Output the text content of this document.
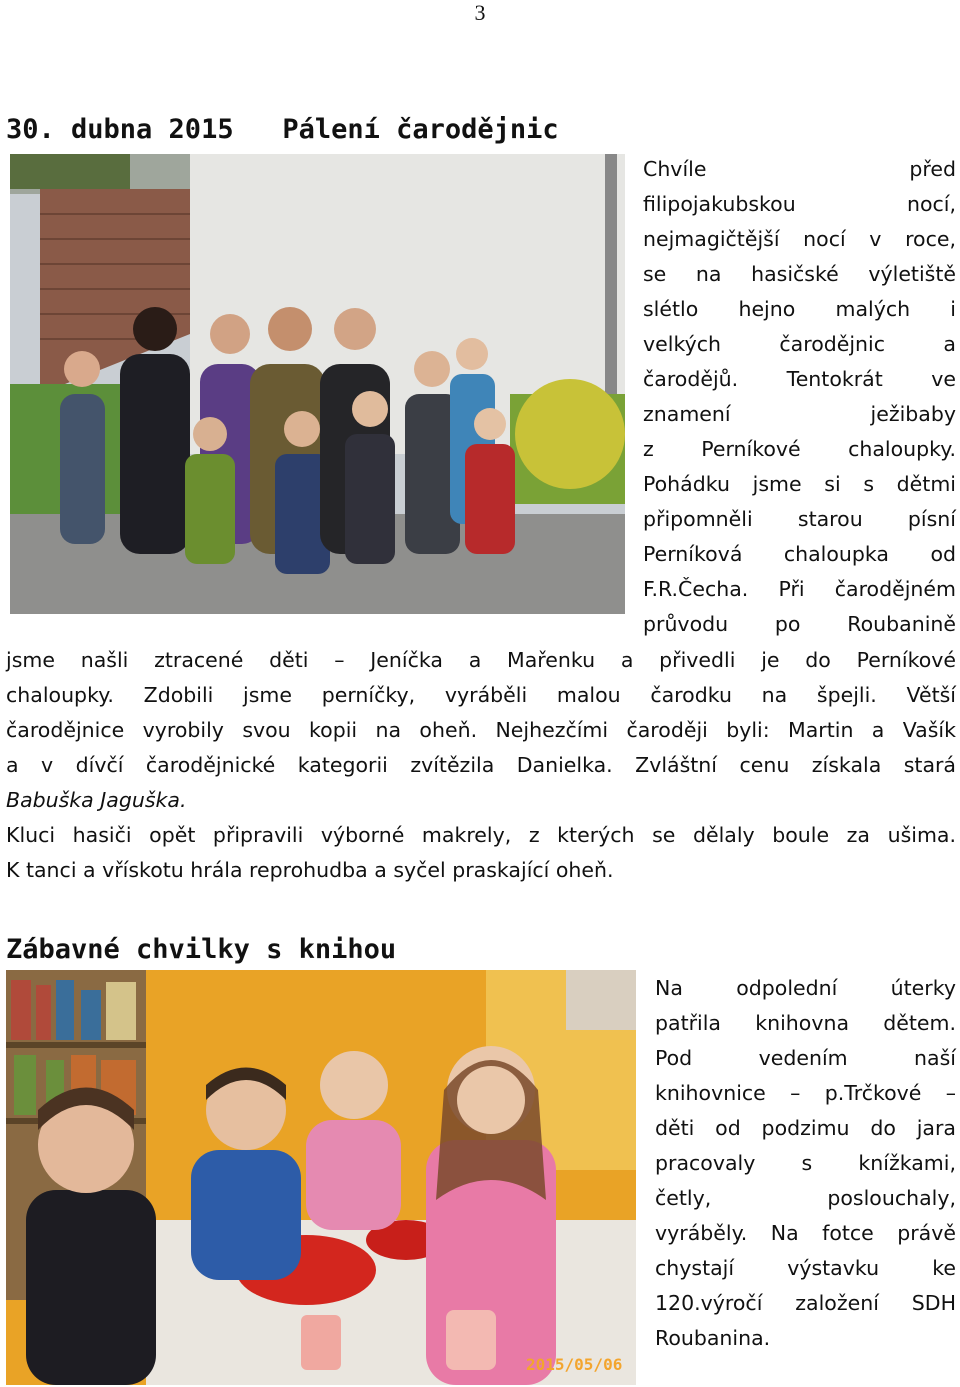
3
30. dubna 2015   Pálení čarodějnic
Chvíle před
filipojakubskou nocí,
nejmagičtější nocí v roce,
se na hasičské výletiště
slétlo hejno malých i
velkých čarodějnic a
čarodějů. Tentokrát ve
znamení ježibaby
z Perníkové chaloupky.
Pohádku jsme si s dětmi
připomněli starou písní
Perníková chaloupka od
F.R.Čecha. Při čarodějném
průvodu po Roubanině
jsme našli ztracené děti – Jeníčka a Mařenku a přivedli je do Perníkové
chaloupky. Zdobili jsme perníčky, vyráběli malou čarodku na špejli. Větší
čarodějnice vyrobily svou kopii na oheň. Nejhezčími čaroději byli: Martin a Vašík
a v dívčí čarodějnické kategorii zvítězila Danielka. Zvláštní cenu získala stará
Babuška Jaguška.
Kluci hasiči opět připravili výborné makrely, z kterých se dělaly boule za ušima.
K tanci a vřískotu hrála reprohudba a syčel praskající oheň.
Zábavné chvilky s knihou
2015/05/06
Na odpolední úterky
patřila knihovna dětem.
Pod vedením naší
knihovnice – p.Trčkové –
děti od podzimu do jara
pracovaly s knížkami,
četly, poslouchaly,
vyráběly. Na fotce právě
chystají výstavku ke
120.výročí založení SDH
Roubanina.
